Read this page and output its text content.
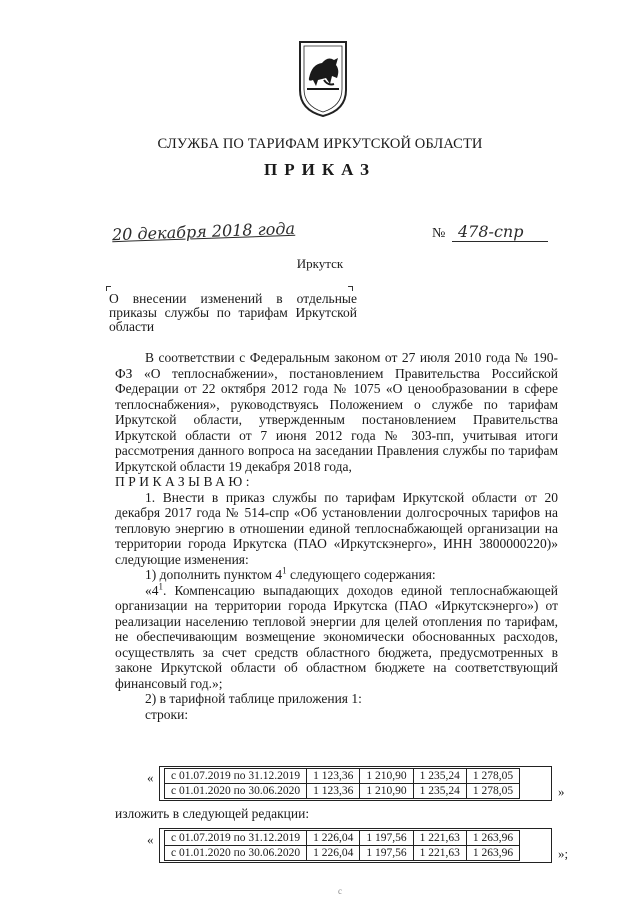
СЛУЖБА ПО ТАРИФАМ ИРКУТСКОЙ ОБЛАСТИ
ПРИКАЗ
20 декабря 2018 года	№ 478-спр
Иркутск
О внесении изменений в отдельные приказы службы по тарифам Иркутской области

В соответствии с Федеральным законом от 27 июля 2010 года № 190-ФЗ «О теплоснабжении», постановлением Правительства Российской Федерации от 22 октября 2012 года № 1075 «О ценообразовании в сфере теплоснабжения», руководствуясь Положением о службе по тарифам Иркутской области, утвержденным постановлением Правительства Иркутской области от 7 июня 2012 года № 303-пп, учитывая итоги рассмотрения данного вопроса на заседании Правления службы по тарифам Иркутской области 19 декабря 2018 года,

ПРИКАЗЫВАЮ:

1. Внести в приказ службы по тарифам Иркутской области от 20 декабря 2017 года № 514-спр «Об установлении долгосрочных тарифов на тепловую энергию в отношении единой теплоснабжающей организации на территории города Иркутска (ПАО «Иркутскэнерго», ИНН 3800000220)» следующие изменения:

1) дополнить пунктом $4^1$ следующего содержания:

«$4^1$. Компенсацию выпадающих доходов единой теплоснабжающей организации на территории города Иркутска (ПАО «Иркутскэнерго») от реализации населению тепловой энергии для целей отопления по тарифам, не обеспечивающим возмещение экономически обоснованных расходов, осуществлять за счет средств областного бюджета, предусмотренных в законе Иркутской области об областном бюджете на соответствующий финансовый год.»;

2) в тарифной таблице приложения 1:

строки:

« с 01.07.2019 по 31.12.2019	1 123,36	1 210,90	1 235,24	1 278,05
с 01.01.2020 по 30.06.2020	1 123,36	1 210,90	1 235,24	1 278,05	»
изложить в следующей редакции:
« с 01.07.2019 по 31.12.2019	1 226,04	1 197,56	1 221,63	1 263,96
с 01.01.2020 по 30.06.2020	1 226,04	1 197,56	1 221,63	1 263,96	»;
с
